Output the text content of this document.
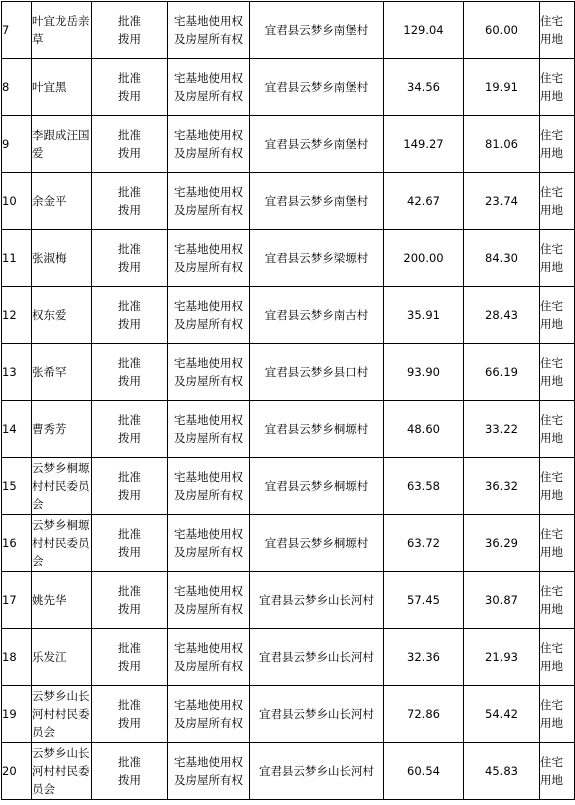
7	叶宜龙岳亲草	批准拨用	宅基地使用权及房屋所有权	宜君县云梦乡南堡村	129.04	60.00	住宅用地
8	叶宜黑	批准拨用	宅基地使用权及房屋所有权	宜君县云梦乡南堡村	34.56	19.91	住宅用地
9	李跟成汪国爱	批准拨用	宅基地使用权及房屋所有权	宜君县云梦乡南堡村	149.27	81.06	住宅用地
10	余金平	批准拨用	宅基地使用权及房屋所有权	宜君县云梦乡南堡村	42.67	23.74	住宅用地
11	张淑梅	批准拨用	宅基地使用权及房屋所有权	宜君县云梦乡梁塬村	200.00	84.30	住宅用地
12	权东爱	批准拨用	宅基地使用权及房屋所有权	宜君县云梦乡南古村	35.91	28.43	住宅用地
13	张希罕	批准拨用	宅基地使用权及房屋所有权	宜君县云梦乡县口村	93.90	66.19	住宅用地
14	曹秀芳	批准拨用	宅基地使用权及房屋所有权	宜君县云梦乡桐塬村	48.60	33.22	住宅用地
15	云梦乡桐塬村村民委员会	批准拨用	宅基地使用权及房屋所有权	宜君县云梦乡桐塬村	63.58	36.32	住宅用地
16	云梦乡桐塬村村民委员会	批准拨用	宅基地使用权及房屋所有权	宜君县云梦乡桐塬村	63.72	36.29	住宅用地
17	姚先华	批准拨用	宅基地使用权及房屋所有权	宜君县云梦乡山长河村	57.45	30.87	住宅用地
18	乐发江	批准拨用	宅基地使用权及房屋所有权	宜君县云梦乡山长河村	32.36	21.93	住宅用地
19	云梦乡山长河村村民委员会	批准拨用	宅基地使用权及房屋所有权	宜君县云梦乡山长河村	72.86	54.42	住宅用地
20	云梦乡山长河村村民委员会	批准拨用	宅基地使用权及房屋所有权	宜君县云梦乡山长河村	60.54	45.83	住宅用地
